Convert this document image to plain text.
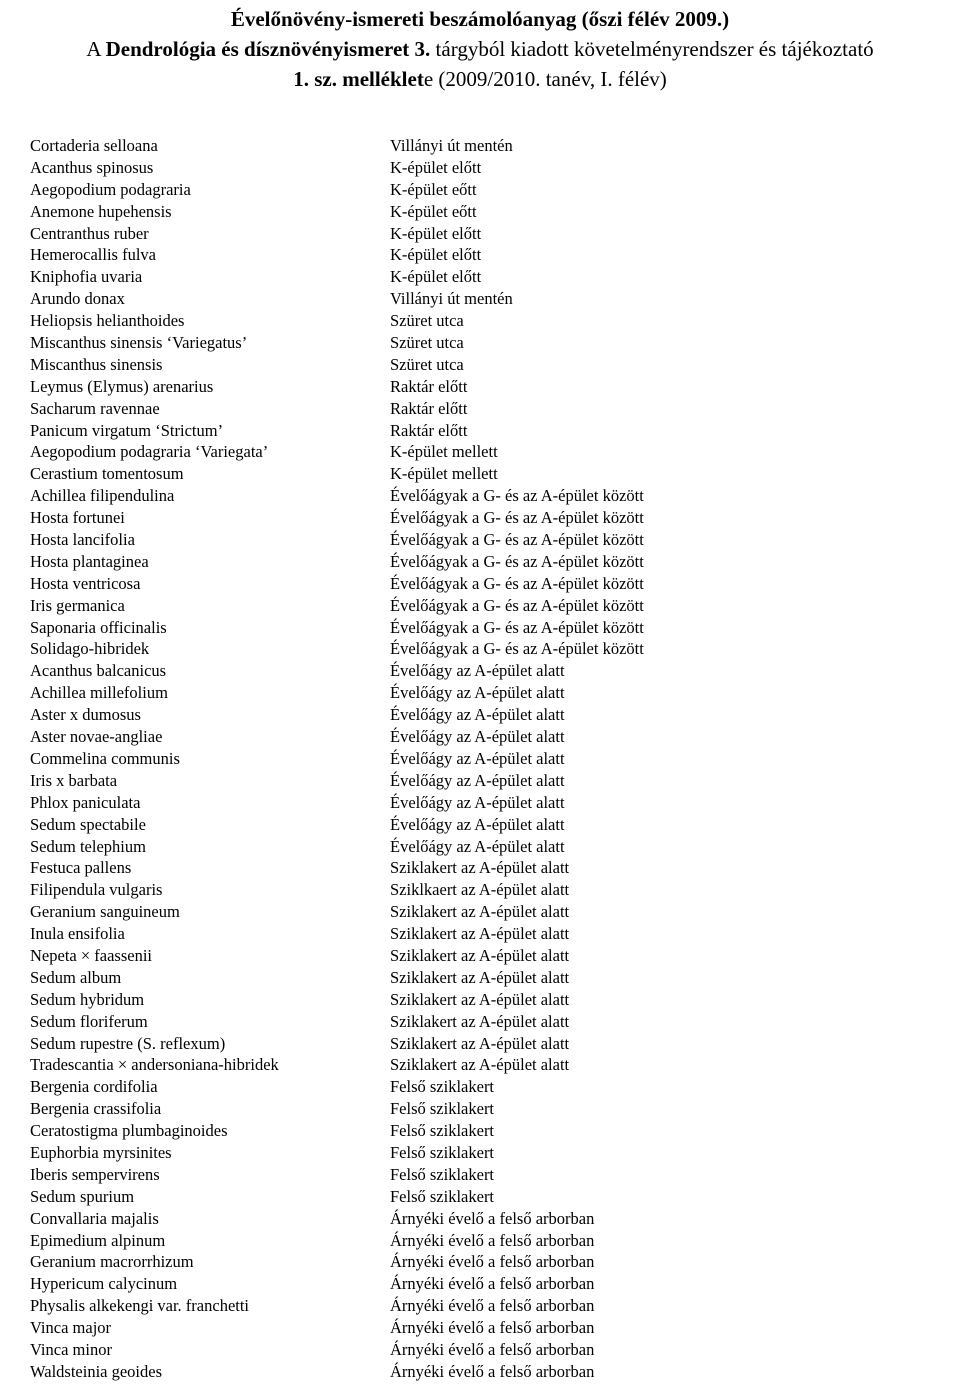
Évelőnövény-ismereti beszámolóanyag (őszi félév 2009.)
A Dendrológia és dísznövényismeret 3. tárgyból kiadott követelményrendszer és tájékoztató
1. sz. melléklete (2009/2010. tanév, I. félév)
Cortaderia selloana	Villányi út mentén
Acanthus spinosus	K-épület előtt
Aegopodium podagraria	K-épület eőtt
Anemone hupehensis	K-épület eőtt
Centranthus ruber	K-épület előtt
Hemerocallis fulva	K-épület előtt
Kniphofia uvaria	K-épület előtt
Arundo donax	Villányi út mentén
Heliopsis helianthoides	Szüret utca
Miscanthus sinensis ‘Variegatus’	Szüret utca
Miscanthus sinensis	Szüret utca
Leymus (Elymus) arenarius	Raktár előtt
Sacharum ravennae	Raktár előtt
Panicum virgatum ‘Strictum’	Raktár előtt
Aegopodium podagraria ‘Variegata’	K-épület mellett
Cerastium tomentosum	K-épület mellett
Achillea filipendulina	Évelőágyak a G- és az A-épület között
Hosta fortunei	Évelőágyak a G- és az A-épület között
Hosta lancifolia	Évelőágyak a G- és az A-épület között
Hosta plantaginea	Évelőágyak a G- és az A-épület között
Hosta ventricosa	Évelőágyak a G- és az A-épület között
Iris germanica	Évelőágyak a G- és az A-épület között
Saponaria officinalis	Évelőágyak a G- és az A-épület között
Solidago-hibridek	Évelőágyak a G- és az A-épület között
Acanthus balcanicus	Évelőágy az A-épület alatt
Achillea millefolium	Évelőágy az A-épület alatt
Aster x dumosus	Évelőágy az A-épület alatt
Aster novae-angliae	Évelőágy az A-épület alatt
Commelina communis	Évelőágy az A-épület alatt
Iris x barbata	Évelőágy az A-épület alatt
Phlox paniculata	Évelőágy az A-épület alatt
Sedum spectabile	Évelőágy az A-épület alatt
Sedum telephium	Évelőágy az A-épület alatt
Festuca pallens	Sziklakert az A-épület alatt
Filipendula vulgaris	Sziklkaert az A-épület alatt
Geranium sanguineum	Sziklakert az A-épület alatt
Inula ensifolia	Sziklakert az A-épület alatt
Nepeta × faassenii	Sziklakert az A-épület alatt
Sedum album	Sziklakert az A-épület alatt
Sedum hybridum	Sziklakert az A-épület alatt
Sedum floriferum	Sziklakert az A-épület alatt
Sedum rupestre (S. reflexum)	Sziklakert az A-épület alatt
Tradescantia × andersoniana-hibridek	Sziklakert az A-épület alatt
Bergenia cordifolia	Felső sziklakert
Bergenia crassifolia	Felső sziklakert
Ceratostigma plumbaginoides	Felső sziklakert
Euphorbia myrsinites	Felső sziklakert
Iberis sempervirens	Felső sziklakert
Sedum spurium	Felső sziklakert
Convallaria majalis	Árnyéki évelő a felső arborban
Epimedium alpinum	Árnyéki évelő a felső arborban
Geranium macrorrhizum	Árnyéki évelő a felső arborban
Hypericum calycinum	Árnyéki évelő a felső arborban
Physalis alkekengi var. franchetti	Árnyéki évelő a felső arborban
Vinca major	Árnyéki évelő a felső arborban
Vinca minor	Árnyéki évelő a felső arborban
Waldsteinia geoides	Árnyéki évelő a felső arborban
